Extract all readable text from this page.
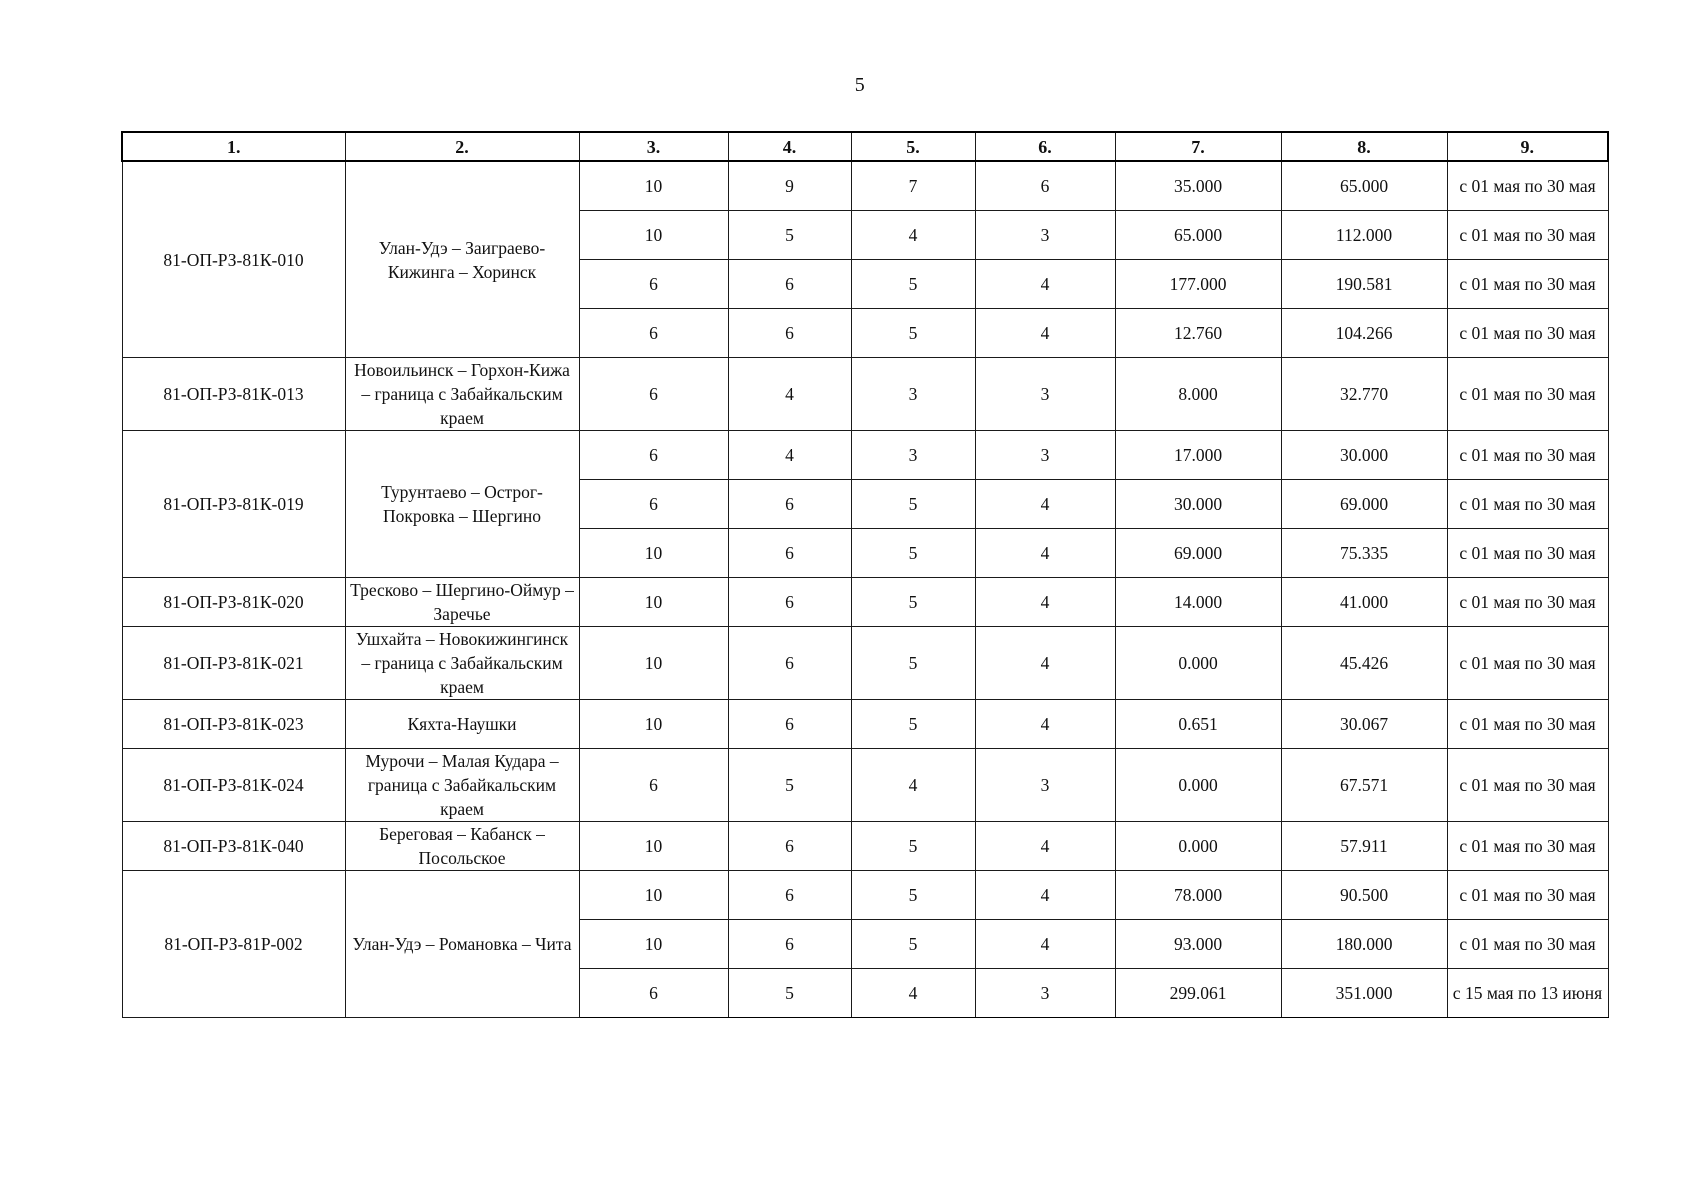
5
1.	2.	3.	4.	5.	6.	7.	8.	9.
81-ОП-РЗ-81К-010	Улан-Удэ – Заиграево-Кижинга – Хоринск	10	9	7	6	35.000	65.000	с 01 мая по 30 мая
		10	5	4	3	65.000	112.000	с 01 мая по 30 мая
		6	6	5	4	177.000	190.581	с 01 мая по 30 мая
		6	6	5	4	12.760	104.266	с 01 мая по 30 мая
81-ОП-РЗ-81К-013	Новоильинск – Горхон-Кижа – граница с Забайкальским краем	6	4	3	3	8.000	32.770	с 01 мая по 30 мая
81-ОП-РЗ-81К-019	Турунтаево – Острог-Покровка – Шергино	6	4	3	3	17.000	30.000	с 01 мая по 30 мая
		6	6	5	4	30.000	69.000	с 01 мая по 30 мая
		10	6	5	4	69.000	75.335	с 01 мая по 30 мая
81-ОП-РЗ-81К-020	Тресково – Шергино-Оймур – Заречье	10	6	5	4	14.000	41.000	с 01 мая по 30 мая
81-ОП-РЗ-81К-021	Ушхайта – Новокижингинск – граница с Забайкальским краем	10	6	5	4	0.000	45.426	с 01 мая по 30 мая
81-ОП-РЗ-81К-023	Кяхта-Наушки	10	6	5	4	0.651	30.067	с 01 мая по 30 мая
81-ОП-РЗ-81К-024	Мурочи – Малая Кудара – граница с Забайкальским краем	6	5	4	3	0.000	67.571	с 01 мая по 30 мая
81-ОП-РЗ-81К-040	Береговая – Кабанск – Посольское	10	6	5	4	0.000	57.911	с 01 мая по 30 мая
81-ОП-РЗ-81Р-002	Улан-Удэ – Романовка – Чита	10	6	5	4	78.000	90.500	с 01 мая по 30 мая
		10	6	5	4	93.000	180.000	с 01 мая по 30 мая
		6	5	4	3	299.061	351.000	с 15 мая по 13 июня
